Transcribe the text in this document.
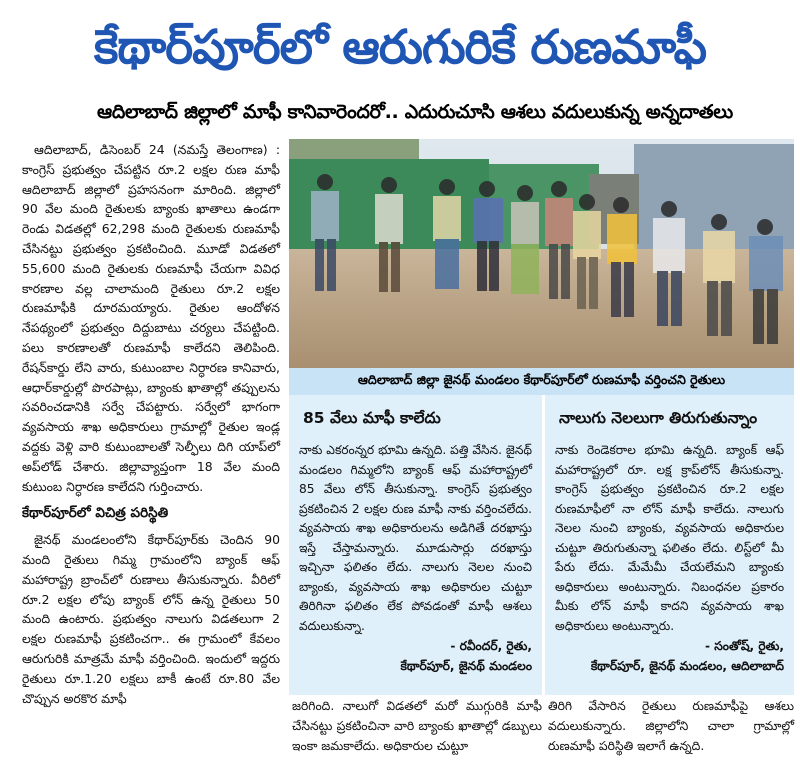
కేథార్‌పూర్‌లో ఆరుగురికే రుణమాఫీ
ఆదిలాబాద్ జిల్లాలో మాఫీ కానివారెందరో.. ఎదురుచూసి ఆశలు వదులుకున్న అన్నదాతలు

ఆదిలాబాద్, డిసెంబర్ 24 (నమస్తే తెలంగాణ) : కాంగ్రెస్ ప్రభుత్వం చేపట్టిన రూ.2 లక్షల రుణ మాఫీ ఆదిలాబాద్ జిల్లాలో ప్రహసనంగా మారింది. జిల్లాలో 90 వేల మంది రైతులకు బ్యాంకు ఖాతాలు ఉండగా రెండు విడతల్లో 62,298 మంది రైతులకు రుణమాఫీ చేసినట్టు ప్రభుత్వం ప్రకటించింది. మూడో విడతలో 55,600 మంది రైతులకు రుణమాఫీ చేయగా వివిధ కారణాల వల్ల చాలామంది రైతులు రూ.2 లక్షల రుణమాఫీకి దూరమయ్యారు. రైతుల ఆందోళన నేపథ్యంలో ప్రభుత్వం దిద్దుబాటు చర్యలు చేపట్టింది. పలు కారణాలతో రుణమాఫీ కాలేదని తెలిపింది. రేషన్‌కార్డు లేని వారు, కుటుంబాల నిర్ధారణ కానివారు, ఆధార్‌కార్డుల్లో పొరపాట్లు, బ్యాంకు ఖాతాల్లో తప్పులను సవరించడానికి సర్వే చేపట్టారు. సర్వేలో భాగంగా వ్యవసాయ శాఖ అధికారులు గ్రామాల్లో రైతుల ఇండ్ల వద్దకు వెళ్లి వారి కుటుంబాలతో సెల్ఫీలు దిగి యాప్‌లో అప్‌లోడ్ చేశారు. జిల్లావ్యాప్తంగా 18 వేల మంది కుటుంబ నిర్ధారణ కాలేదని గుర్తించారు.

కేథార్‌పూర్‌లో విచిత్ర పరిస్థితి

జైనథ్ మండలంలోని కేథార్‌పూర్‌కు చెందిన 90 మంది రైతులు గిమ్మ గ్రామంలోని బ్యాంక్ ఆఫ్ మహారాష్ట్ర బ్రాంచ్‌లో రుణాలు తీసుకున్నారు. వీరిలో రూ.2 లక్షల లోపు బ్యాంక్ లోన్ ఉన్న రైతులు 50 మంది ఉంటారు. ప్రభుత్వం నాలుగు విడతలుగా 2 లక్షల రుణమాఫీ ప్రకటించగా.. ఈ గ్రామంలో కేవలం ఆరుగురికి మాత్రమే మాఫీ వర్తించింది. ఇందులో ఇద్దరు రైతులు రూ.1.20 లక్షలు బాకీ ఉంటే రూ.80 వేల చొప్పున అరకొర మాఫీ

ఆదిలాబాద్ జిల్లా జైనథ్ మండలం కేథార్‌పూర్‌లో రుణమాఫీ వర్తించని రైతులు
85 వేలు మాఫీ కాలేదు

నాకు ఎకరంన్నర భూమి ఉన్నది. పత్తి వేసిన. జైనథ్ మండలం గిమ్మలోని బ్యాంక్ ఆఫ్ మహారాష్ట్రలో 85 వేలు లోన్ తీసుకున్నా. కాంగ్రెస్ ప్రభుత్వం ప్రకటించిన 2 లక్షల రుణ మాఫీ నాకు వర్తించలేదు. వ్యవసాయ శాఖ అధికారులను అడిగితే దరఖాస్తు ఇస్తే చేస్తామన్నారు. మూడుసార్లు దరఖాస్తు ఇచ్చినా ఫలితం లేదు. నాలుగు నెలల నుంచి బ్యాంకు, వ్యవసాయ శాఖ అధికారుల చుట్టూ తిరిగినా ఫలితం లేక పోవడంతో మాఫీ ఆశలు వదులుకున్నా.

- రవీందర్, రైతు,
కేథార్‌పూర్, జైనథ్ మండలం
నాలుగు నెలలుగా తిరుగుతున్నాం

నాకు రెండెకరాల భూమి ఉన్నది. బ్యాంక్ ఆఫ్ మహారాష్ట్రలో రూ. లక్ష క్రాప్‌లోన్ తీసుకున్నా. కాంగ్రెస్ ప్రభుత్వం ప్రకటించిన రూ.2 లక్షల రుణమాఫీలో నా లోన్ మాఫీ కాలేదు. నాలుగు నెలల నుంచి బ్యాంకు, వ్యవసాయ అధికారుల చుట్టూ తిరుగుతున్నా ఫలితం లేదు. లిస్ట్‌లో మీ పేరు లేదు. మేమేమీ చేయలేమని బ్యాంకు అధికారులు అంటున్నారు. నిబంధనల ప్రకారం మీకు లోన్ మాఫీ కాదని వ్యవసాయ శాఖ అధికారులు అంటున్నారు.

- సంతోష్, రైతు,
కేథార్‌పూర్, జైనథ్ మండలం, ఆదిలాబాద్

జరిగింది. నాలుగో విడతలో మరో ముగ్గురికి మాఫీ చేసినట్టు ప్రకటించినా వారి బ్యాంకు ఖాతాల్లో డబ్బులు ఇంకా జమకాలేదు. అధికారుల చుట్టూ

తిరిగి వేసారిన రైతులు రుణమాఫీపై ఆశలు వదులుకున్నారు. జిల్లాలోని చాలా గ్రామాల్లో రుణమాఫీ పరిస్థితి ఇలాగే ఉన్నది.
